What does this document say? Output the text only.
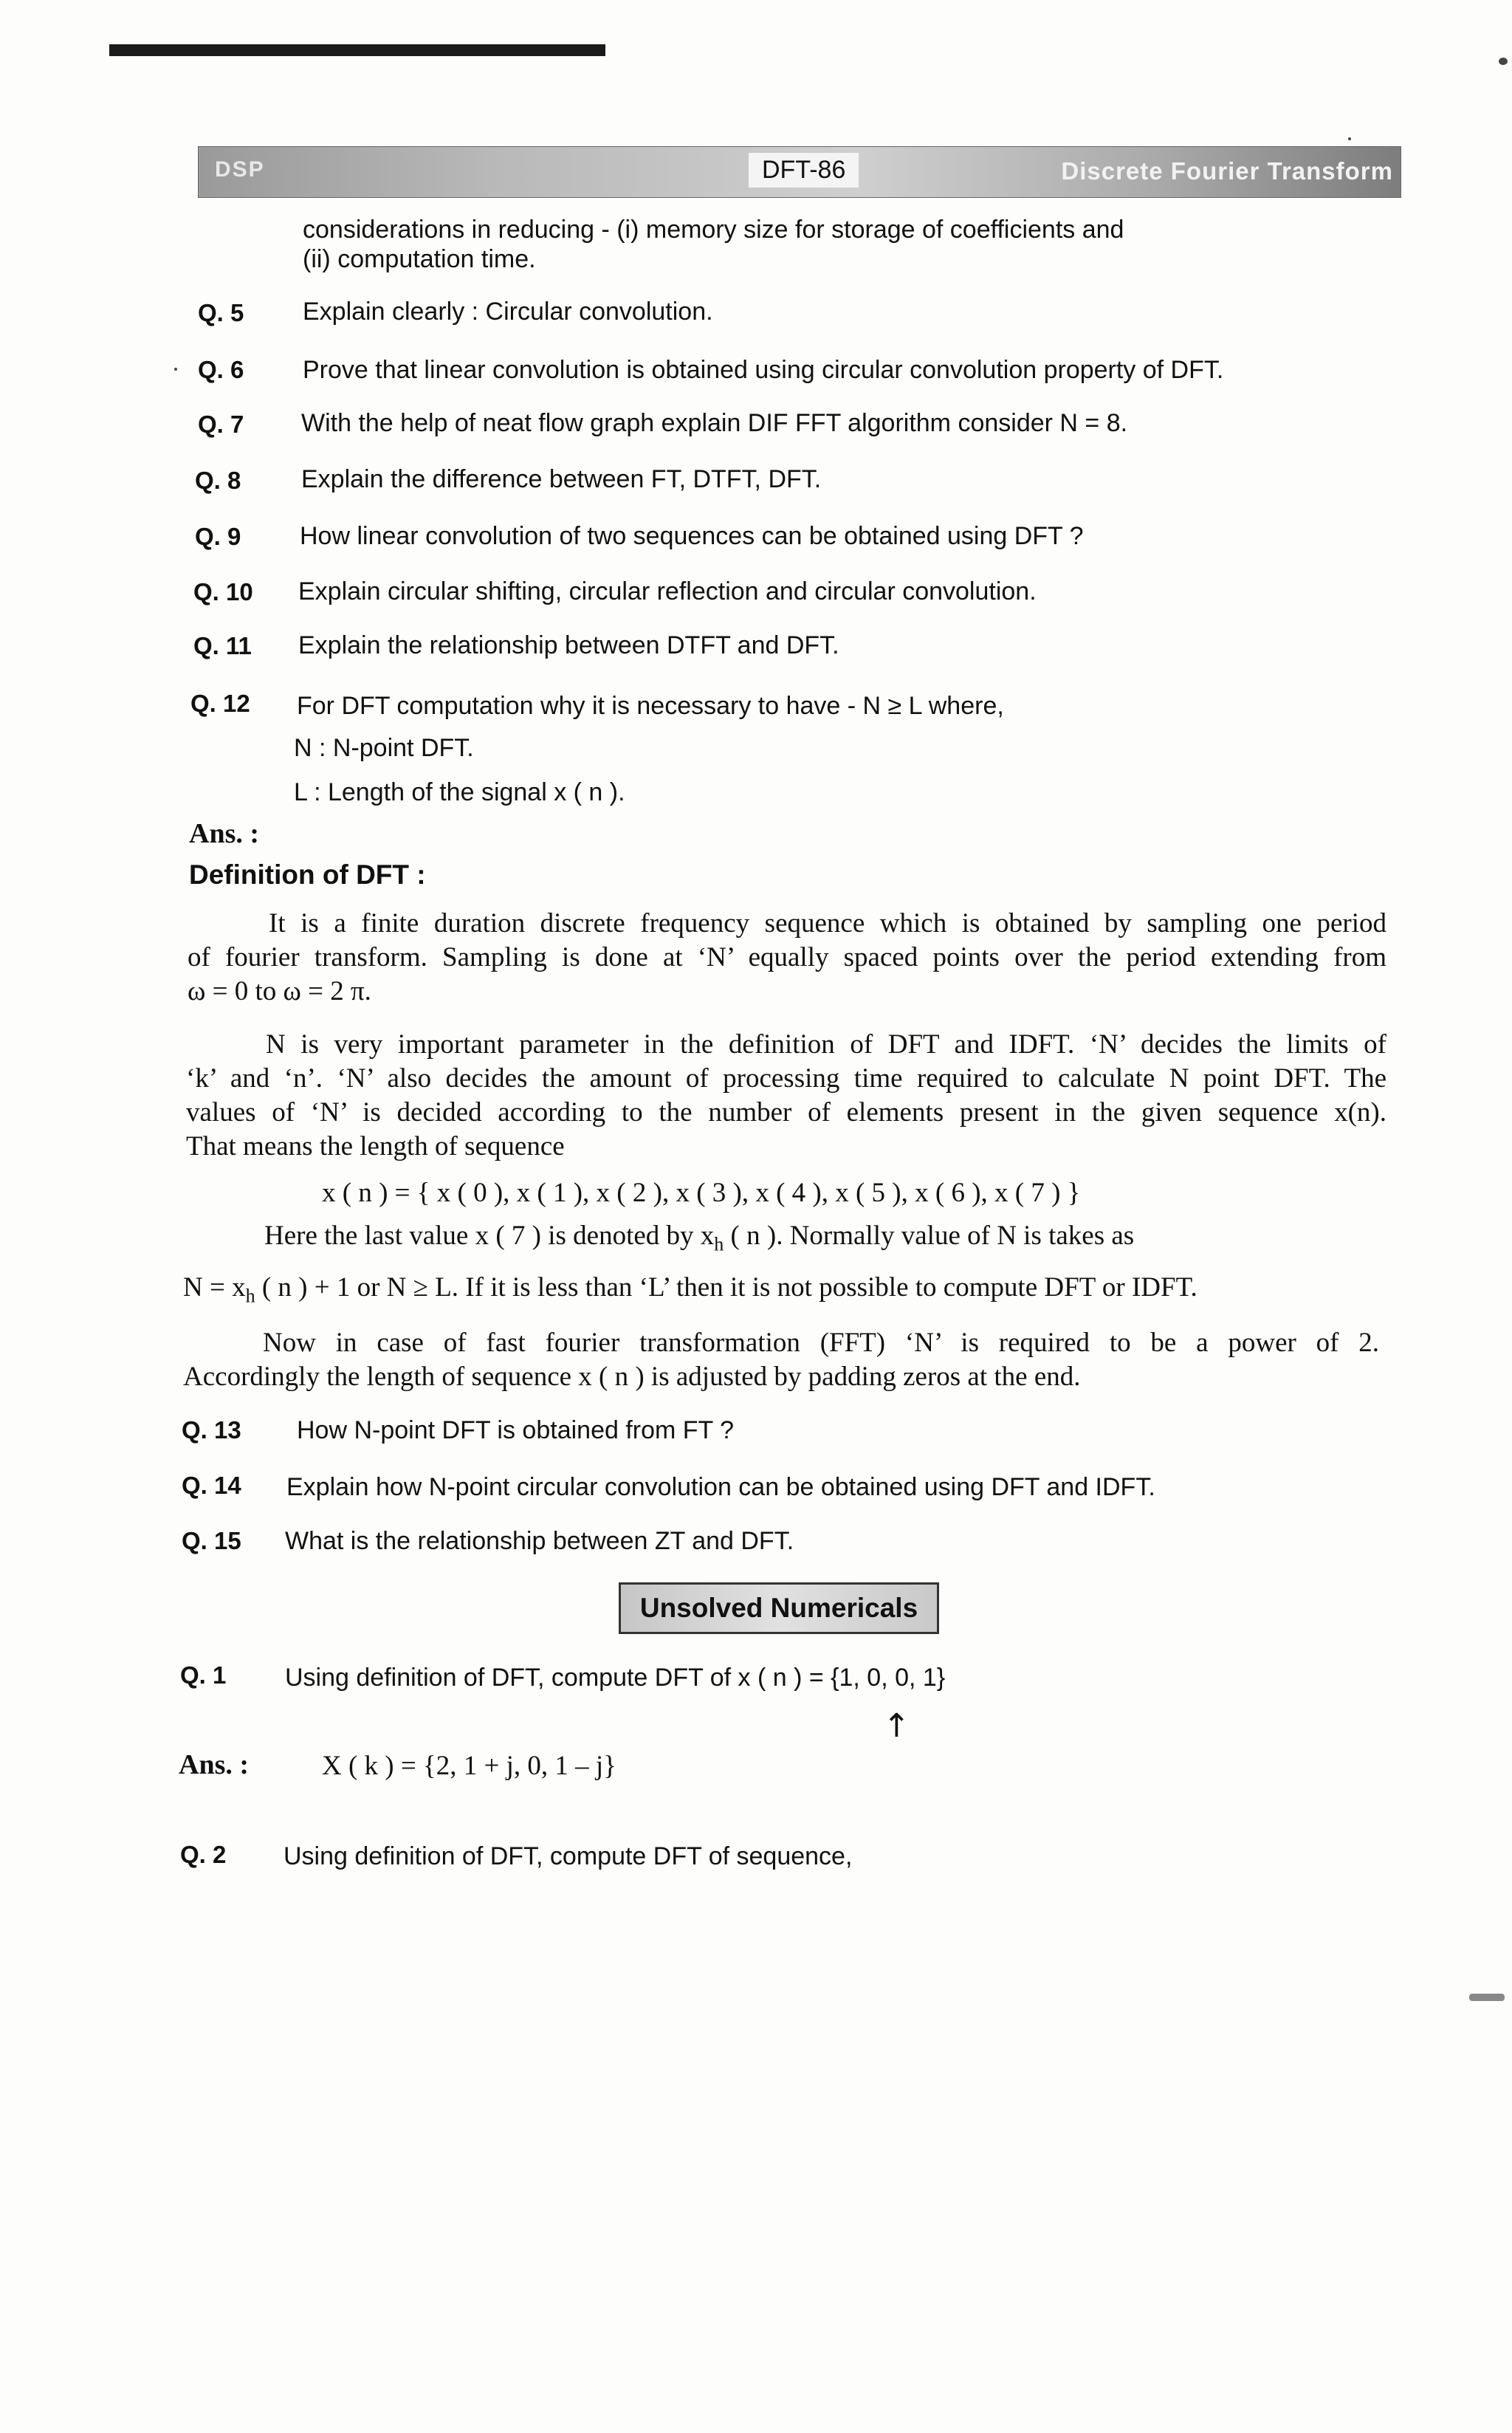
DSP	DFT-86	Discrete Fourier Transform
considerations in reducing - (i) memory size for storage of coefficients and
(ii) computation time.
Q. 5 Explain clearly : Circular convolution.
Q. 6 Prove that linear convolution is obtained using circular convolution property of DFT.
Q. 7 With the help of neat flow graph explain DIF FFT algorithm consider N = 8.
Q. 8 Explain the difference between FT, DTFT, DFT.
Q. 9 How linear convolution of two sequences can be obtained using DFT ?
Q. 10 Explain circular shifting, circular reflection and circular convolution.
Q. 11 Explain the relationship between DTFT and DFT.
Q. 12 For DFT computation why it is necessary to have - N ≥ L where,
N : N-point DFT.
L : Length of the signal x ( n ).
Ans. :
Definition of DFT :
It is a finite duration discrete frequency sequence which is obtained by sampling one period
of fourier transform. Sampling is done at ‘N’ equally spaced points over the period extending from
ω = 0 to ω = 2 π.
N is very important parameter in the definition of DFT and IDFT. ‘N’ decides the limits of
‘k’ and ‘n’. ‘N’ also decides the amount of processing time required to calculate N point DFT. The
values of ‘N’ is decided according to the number of elements present in the given sequence x(n).
That means the length of sequence
x ( n ) = { x ( 0 ), x ( 1 ), x ( 2 ), x ( 3 ), x ( 4 ), x ( 5 ), x ( 6 ), x ( 7 ) }
Here the last value x ( 7 ) is denoted by $x_h$ ( n ). Normally value of N is takes as
$N = x_h$ ( n ) + 1 or N ≥ L. If it is less than ‘L’ then it is not possible to compute DFT or IDFT.
Now in case of fast fourier transformation (FFT) ‘N’ is required to be a power of 2.
Accordingly the length of sequence x ( n ) is adjusted by padding zeros at the end.
Q. 13 How N-point DFT is obtained from FT ?
Q. 14 Explain how N-point circular convolution can be obtained using DFT and IDFT.
Q. 15 What is the relationship between ZT and DFT.
Unsolved Numericals
Q. 1 Using definition of DFT, compute DFT of x ( n ) = {1, 0, 0, 1}
↑
Ans. :	X ( k ) = {2, 1 + j, 0, 1 – j}
Q. 2 Using definition of DFT, compute DFT of sequence,
